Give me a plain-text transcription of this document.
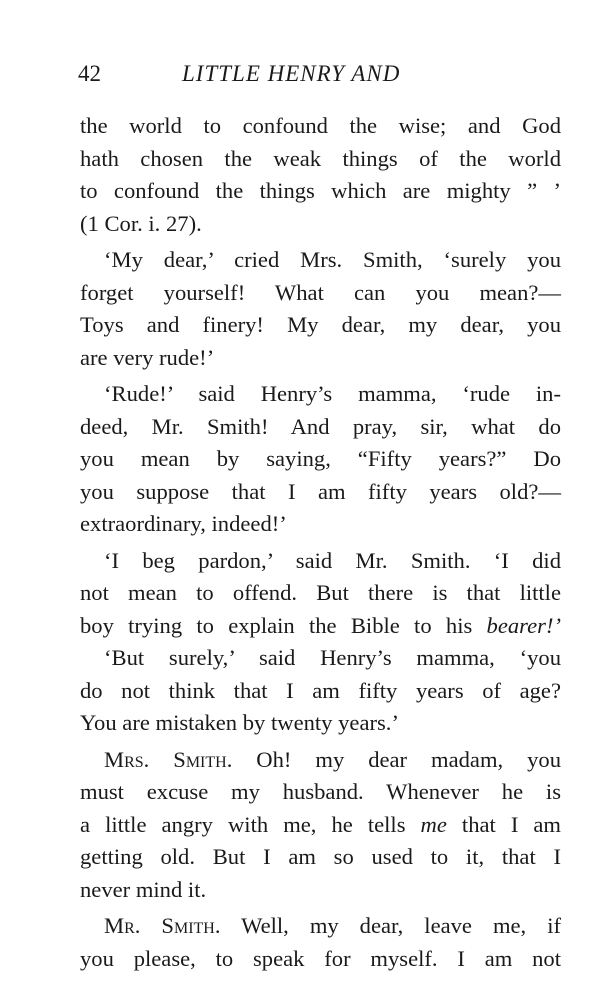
42	LITTLE HENRY AND
the world to confound the wise; and God
hath chosen the weak things of the world
to confound the things which are mighty ” ’
(1 Cor. i. 27).
‘My dear,’ cried Mrs. Smith, ‘surely you
forget yourself! What can you mean?—
Toys and finery! My dear, my dear, you
are very rude!’
‘Rude!’ said Henry’s mamma, ‘rude in-
deed, Mr. Smith! And pray, sir, what do
you mean by saying, “Fifty years?” Do
you suppose that I am fifty years old?—
extraordinary, indeed!’
‘I beg pardon,’ said Mr. Smith. ‘I did
not mean to offend. But there is that little
boy trying to explain the Bible to his bearer!’
‘But surely,’ said Henry’s mamma, ‘you
do not think that I am fifty years of age?
You are mistaken by twenty years.’
Mrs. Smith. Oh! my dear madam, you
must excuse my husband. Whenever he is
a little angry with me, he tells me that I am
getting old. But I am so used to it, that I
never mind it.
Mr. Smith. Well, my dear, leave me, if
you please, to speak for myself. I am not
